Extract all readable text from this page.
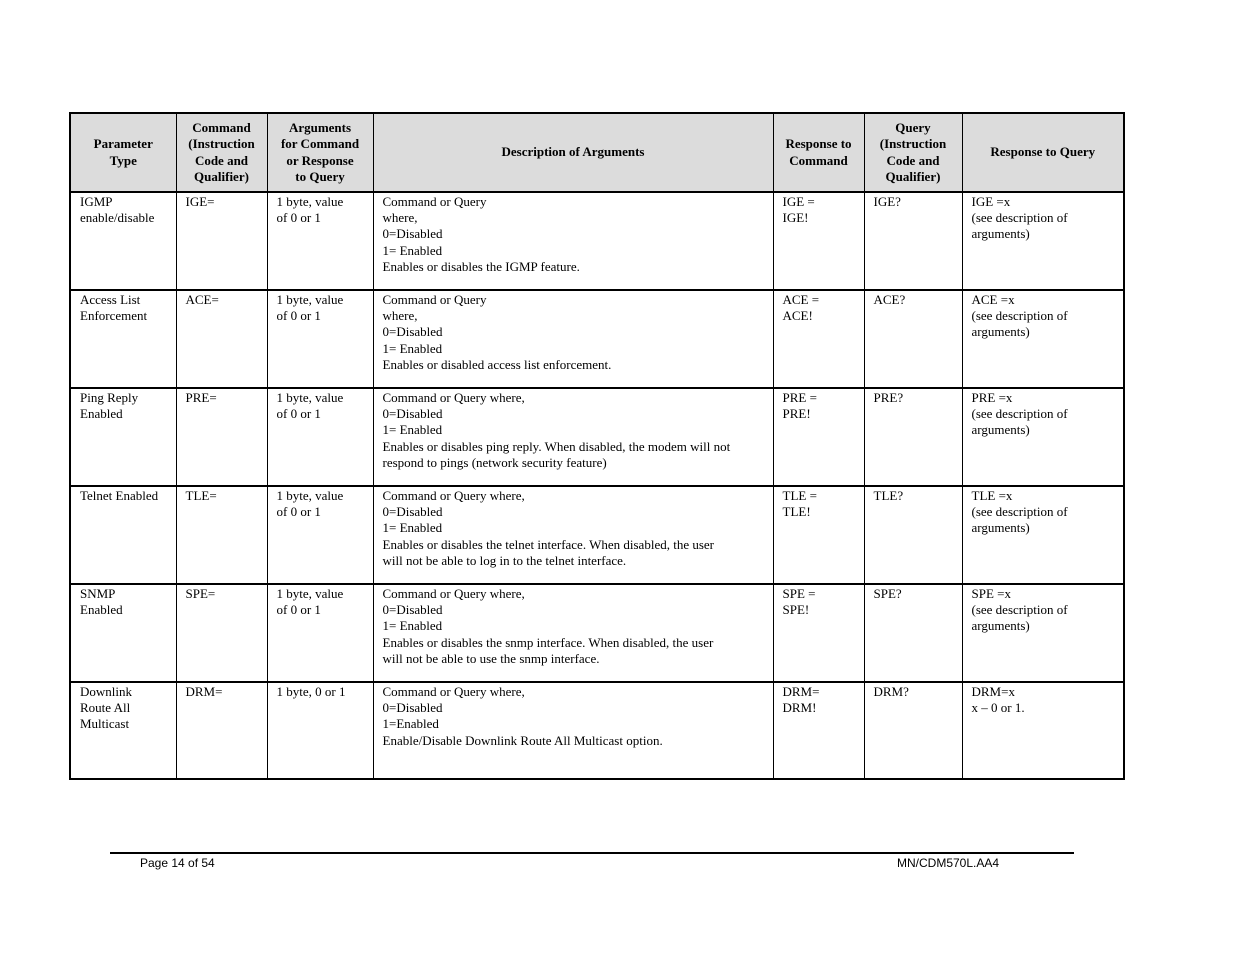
Parameter
Type	Command
(Instruction
Code and
Qualifier)	Arguments
for Command
or Response
to Query	Description of Arguments	Response to
Command	Query
(Instruction
Code and
Qualifier)	Response to Query

IGMP
enable/disable	IGE=	1 byte, value
of 0 or 1	Command or Query
where,
0=Disabled
1= Enabled
Enables or disables the IGMP feature.	IGE =
IGE!	IGE?	IGE =x
(see description of
arguments)

Access List
Enforcement	ACE=	1 byte, value
of 0 or 1	Command or Query
where,
0=Disabled
1= Enabled
Enables or disabled access list enforcement.	ACE =
ACE!	ACE?	ACE =x
(see description of
arguments)

Ping Reply
Enabled	PRE=	1 byte, value
of 0 or 1	Command or Query where,
0=Disabled
1= Enabled
Enables or disables ping reply. When disabled, the modem will not
respond to pings (network security feature)	PRE =
PRE!	PRE?	PRE =x
(see description of
arguments)

Telnet Enabled	TLE=	1 byte, value
of 0 or 1	Command or Query where,
0=Disabled
1= Enabled
Enables or disables the telnet interface. When disabled, the user
will not be able to log in to the telnet interface.	TLE =
TLE!	TLE?	TLE =x
(see description of
arguments)

SNMP
Enabled	SPE=	1 byte, value
of 0 or 1	Command or Query where,
0=Disabled
1= Enabled
Enables or disables the snmp interface. When disabled, the user
will not be able to use the snmp interface.	SPE =
SPE!	SPE?	SPE =x
(see description of
arguments)

Downlink
Route All
Multicast	DRM=	1 byte, 0 or 1	Command or Query where,
0=Disabled
1=Enabled
Enable/Disable Downlink Route All Multicast option.	DRM=
DRM!	DRM?	DRM=x
x – 0 or 1.
Page 14 of 54	MN/CDM570L.AA4
